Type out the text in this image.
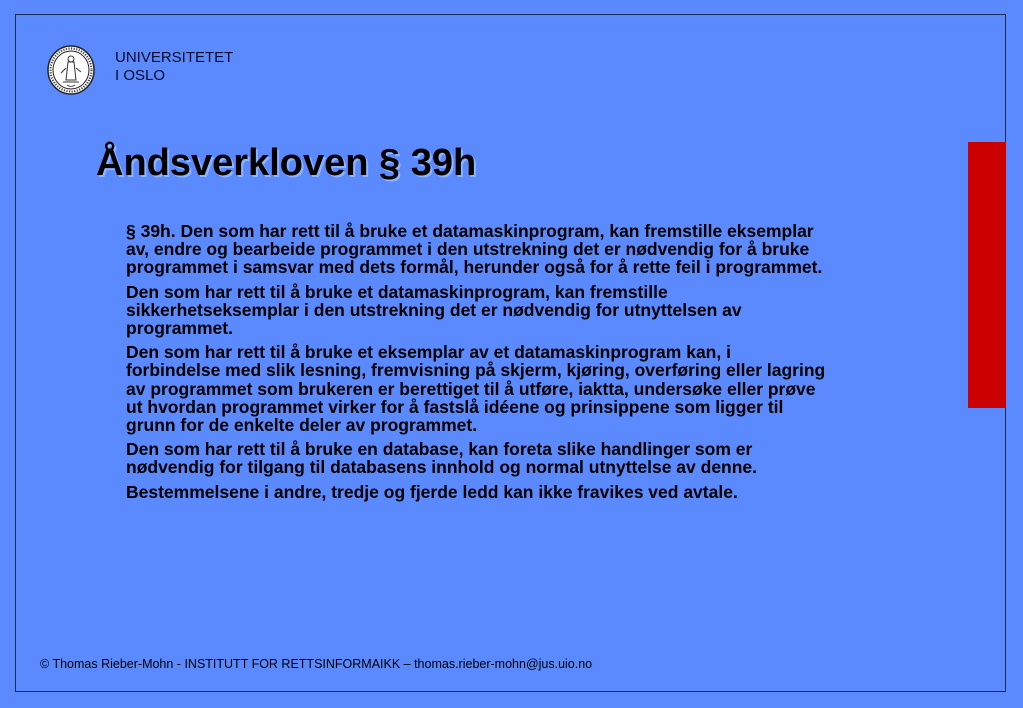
UNIVERSITETET
I OSLO
Åndsverkloven § 39h

§ 39h. Den som har rett til å bruke et datamaskinprogram, kan fremstille eksemplar av, endre og bearbeide programmet i den utstrekning det er nødvendig for å bruke programmet i samsvar med dets formål, herunder også for å rette feil i programmet.

Den som har rett til å bruke et datamaskinprogram, kan fremstille sikkerhetseksemplar i den utstrekning det er nødvendig for utnyttelsen av programmet.

Den som har rett til å bruke et eksemplar av et datamaskinprogram kan, i forbindelse med slik lesning, fremvisning på skjerm, kjøring, overføring eller lagring av programmet som brukeren er berettiget til å utføre, iaktta, undersøke eller prøve ut hvordan programmet virker for å fastslå idéene og prinsippene som ligger til grunn for de enkelte deler av programmet.

Den som har rett til å bruke en database, kan foreta slike handlinger som er nødvendig for tilgang til databasens innhold og normal utnyttelse av denne.

Bestemmelsene i andre, tredje og fjerde ledd kan ikke fravikes ved avtale.

© Thomas Rieber-Mohn - INSTITUTT FOR RETTSINFORMAIKK – thomas.rieber-mohn@jus.uio.no
